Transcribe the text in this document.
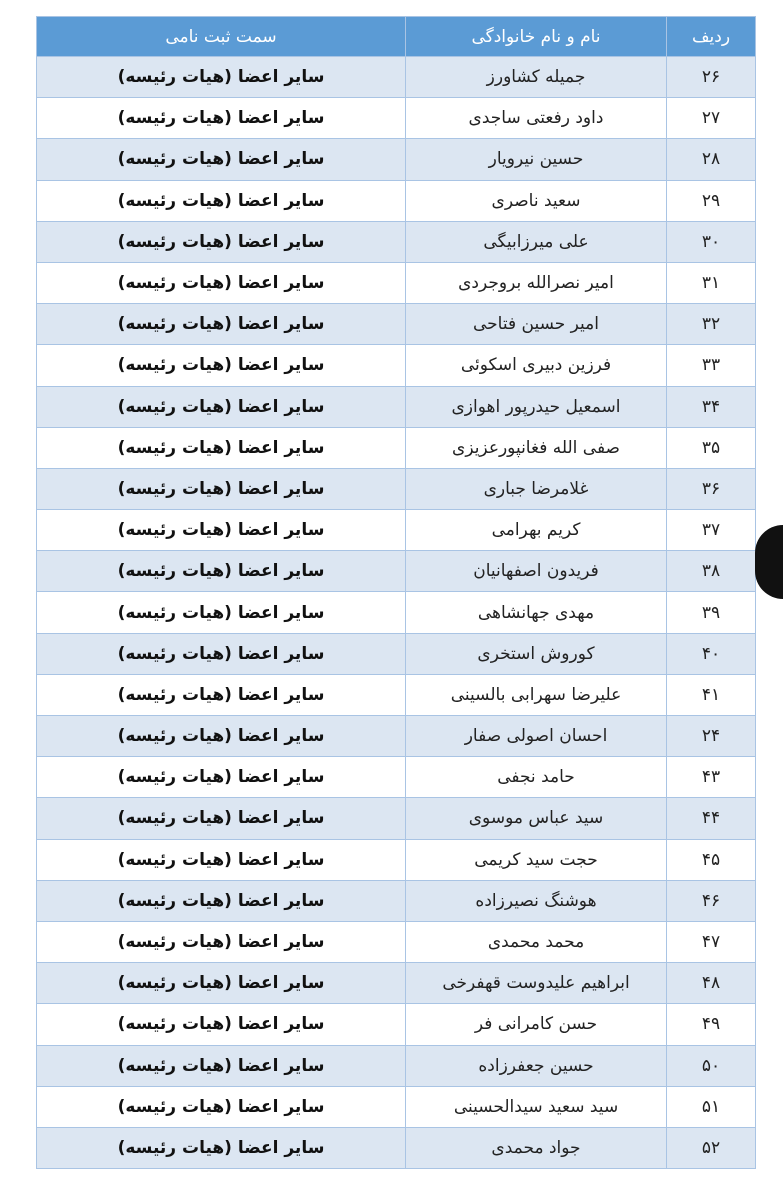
ردیف	نام و نام خانوادگی	سمت ثبت نامی
۲۶	جمیله کشاورز	سایر اعضا (هیات رئیسه)
۲۷	داود رفعتی ساجدی	سایر اعضا (هیات رئیسه)
۲۸	حسین نیرویار	سایر اعضا (هیات رئیسه)
۲۹	سعید ناصری	سایر اعضا (هیات رئیسه)
۳۰	علی میرزابیگی	سایر اعضا (هیات رئیسه)
۳۱	امیر نصرالله بروجردی	سایر اعضا (هیات رئیسه)
۳۲	امیر حسین فتاحی	سایر اعضا (هیات رئیسه)
۳۳	فرزین دبیری اسکوئی	سایر اعضا (هیات رئیسه)
۳۴	اسمعیل حیدرپور اهوازی	سایر اعضا (هیات رئیسه)
۳۵	صفی الله فغانپورعزیزی	سایر اعضا (هیات رئیسه)
۳۶	غلامرضا جباری	سایر اعضا (هیات رئیسه)
۳۷	کریم بهرامی	سایر اعضا (هیات رئیسه)
۳۸	فریدون اصفهانیان	سایر اعضا (هیات رئیسه)
۳۹	مهدی جهانشاهی	سایر اعضا (هیات رئیسه)
۴۰	کوروش استخری	سایر اعضا (هیات رئیسه)
۴۱	علیرضا سهرابی بالسینی	سایر اعضا (هیات رئیسه)
۲۴	احسان اصولی صفار	سایر اعضا (هیات رئیسه)
۴۳	حامد نجفی	سایر اعضا (هیات رئیسه)
۴۴	سید عباس موسوی	سایر اعضا (هیات رئیسه)
۴۵	حجت سید کریمی	سایر اعضا (هیات رئیسه)
۴۶	هوشنگ نصیرزاده	سایر اعضا (هیات رئیسه)
۴۷	محمد محمدی	سایر اعضا (هیات رئیسه)
۴۸	ابراهیم علیدوست قهفرخی	سایر اعضا (هیات رئیسه)
۴۹	حسن کامرانی فر	سایر اعضا (هیات رئیسه)
۵۰	حسین جعفرزاده	سایر اعضا (هیات رئیسه)
۵۱	سید سعید سیدالحسینی	سایر اعضا (هیات رئیسه)
۵۲	جواد محمدی	سایر اعضا (هیات رئیسه)
